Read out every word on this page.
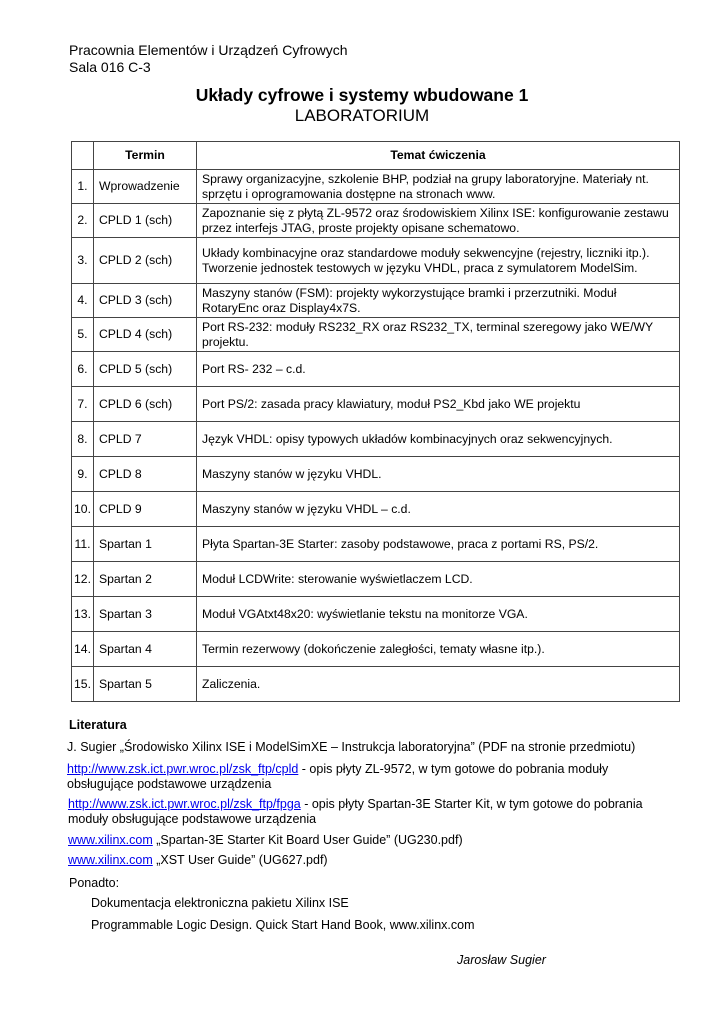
Pracownia Elementów i Urządzeń Cyfrowych
Sala 016 C-3
Układy cyfrowe i systemy wbudowane 1
LABORATORIUM
	Termin	Temat ćwiczenia
1.	Wprowadzenie	Sprawy organizacyjne, szkolenie BHP, podział na grupy laboratoryjne. Materiały nt. sprzętu i oprogramowania dostępne na stronach www.
2.	CPLD 1 (sch)	Zapoznanie się z płytą ZL-9572 oraz środowiskiem Xilinx ISE: konfigurowanie zestawu przez interfejs JTAG, proste projekty opisane schematowo.
3.	CPLD 2 (sch)	Układy kombinacyjne oraz standardowe moduły sekwencyjne (rejestry, liczniki itp.). Tworzenie jednostek testowych w języku VHDL, praca z symulatorem ModelSim.
4.	CPLD 3 (sch)	Maszyny stanów (FSM): projekty wykorzystujące bramki i przerzutniki. Moduł RotaryEnc oraz Display4x7S.
5.	CPLD 4 (sch)	Port RS-232: moduły RS232_RX oraz RS232_TX, terminal szeregowy jako WE/WY projektu.
6.	CPLD 5 (sch)	Port RS- 232 – c.d.
7.	CPLD 6 (sch)	Port PS/2: zasada pracy klawiatury, moduł PS2_Kbd jako WE projektu
8.	CPLD 7	Język VHDL: opisy typowych układów kombinacyjnych oraz sekwencyjnych.
9.	CPLD 8	Maszyny stanów w języku VHDL.
10.	CPLD 9	Maszyny stanów w języku VHDL – c.d.
11.	Spartan 1	Płyta Spartan-3E Starter: zasoby podstawowe, praca z portami RS, PS/2.
12.	Spartan 2	Moduł LCDWrite: sterowanie wyświetlaczem LCD.
13.	Spartan 3	Moduł VGAtxt48x20: wyświetlanie tekstu na monitorze VGA.
14.	Spartan 4	Termin rezerwowy (dokończenie zaległości, tematy własne itp.).
15.	Spartan 5	Zaliczenia.
Literatura
J. Sugier „Środowisko Xilinx ISE i ModelSimXE – Instrukcja laboratoryjna” (PDF na stronie przedmiotu)
http://www.zsk.ict.pwr.wroc.pl/zsk_ftp/cpld - opis płyty ZL-9572, w tym gotowe do pobrania moduły
obsługujące podstawowe urządzenia
http://www.zsk.ict.pwr.wroc.pl/zsk_ftp/fpga - opis płyty Spartan-3E Starter Kit, w tym gotowe do pobrania
moduły obsługujące podstawowe urządzenia
www.xilinx.com „Spartan-3E Starter Kit Board User Guide” (UG230.pdf)
www.xilinx.com „XST User Guide” (UG627.pdf)
Ponadto:
Dokumentacja elektroniczna pakietu Xilinx ISE
Programmable Logic Design. Quick Start Hand Book, www.xilinx.com
Jarosław Sugier
